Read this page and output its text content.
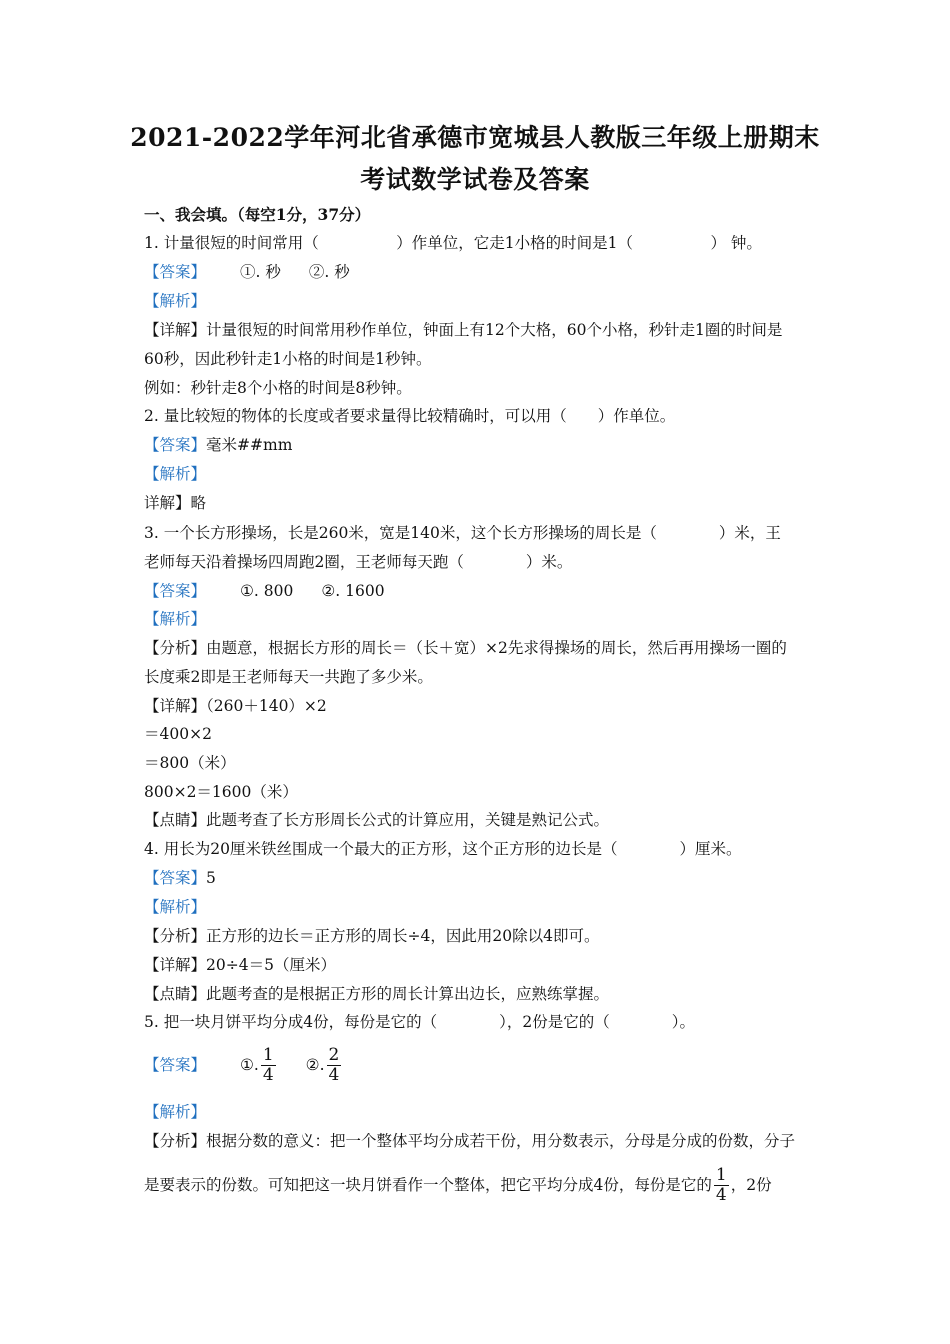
2021-2022学年河北省承德市宽城县人教版三年级上册期末
考试数学试卷及答案
一、我会填。（每空1分，37分）
1. 计量很短的时间常用（　　　　　）作单位，它走1小格的时间是1（　　　　　） 钟。
【答案】 ①. 秒 ②. 秒
【解析】
【详解】计量很短的时间常用秒作单位，钟面上有12个大格，60个小格，秒针走1圈的时间是
60秒，因此秒针走1小格的时间是1秒钟。
例如：秒针走8个小格的时间是8秒钟。
2. 量比较短的物体的长度或者要求量得比较精确时，可以用（　　）作单位。
【答案】毫米##mm
【解析】
详解】略
3. 一个长方形操场，长是260米，宽是140米，这个长方形操场的周长是（　　　　）米，王
老师每天沿着操场四周跑2圈，王老师每天跑（　　　　）米。
【答案】 ①. 800 ②. 1600
【解析】
【分析】由题意，根据长方形的周长＝（长＋宽）×2先求得操场的周长，然后再用操场一圈的
长度乘2即是王老师每天一共跑了多少米。
【详解】（260＋140）×2
＝400×2
＝800（米）
800×2＝1600（米）
【点睛】此题考查了长方形周长公式的计算应用，关键是熟记公式。
4. 用长为20厘米铁丝围成一个最大的正方形，这个正方形的边长是（　　　　）厘米。
【答案】5
【解析】
【分析】正方形的边长＝正方形的周长÷4，因此用20除以4即可。
【详解】20÷4＝5（厘米）
【点睛】此题考查的是根据正方形的周长计算出边长，应熟练掌握。
5. 把一块月饼平均分成4份，每份是它的（　　　　），2份是它的（　　　　）。
【答案】 ①. $\frac{1}{4}$ ②. $\frac{2}{4}$
【解析】
【分析】根据分数的意义：把一个整体平均分成若干份，用分数表示，分母是分成的份数，分子
是要表示的份数。可知把这一块月饼看作一个整体，把它平均分成4份，每份是它的 $\frac{1}{4}$ ，2份
